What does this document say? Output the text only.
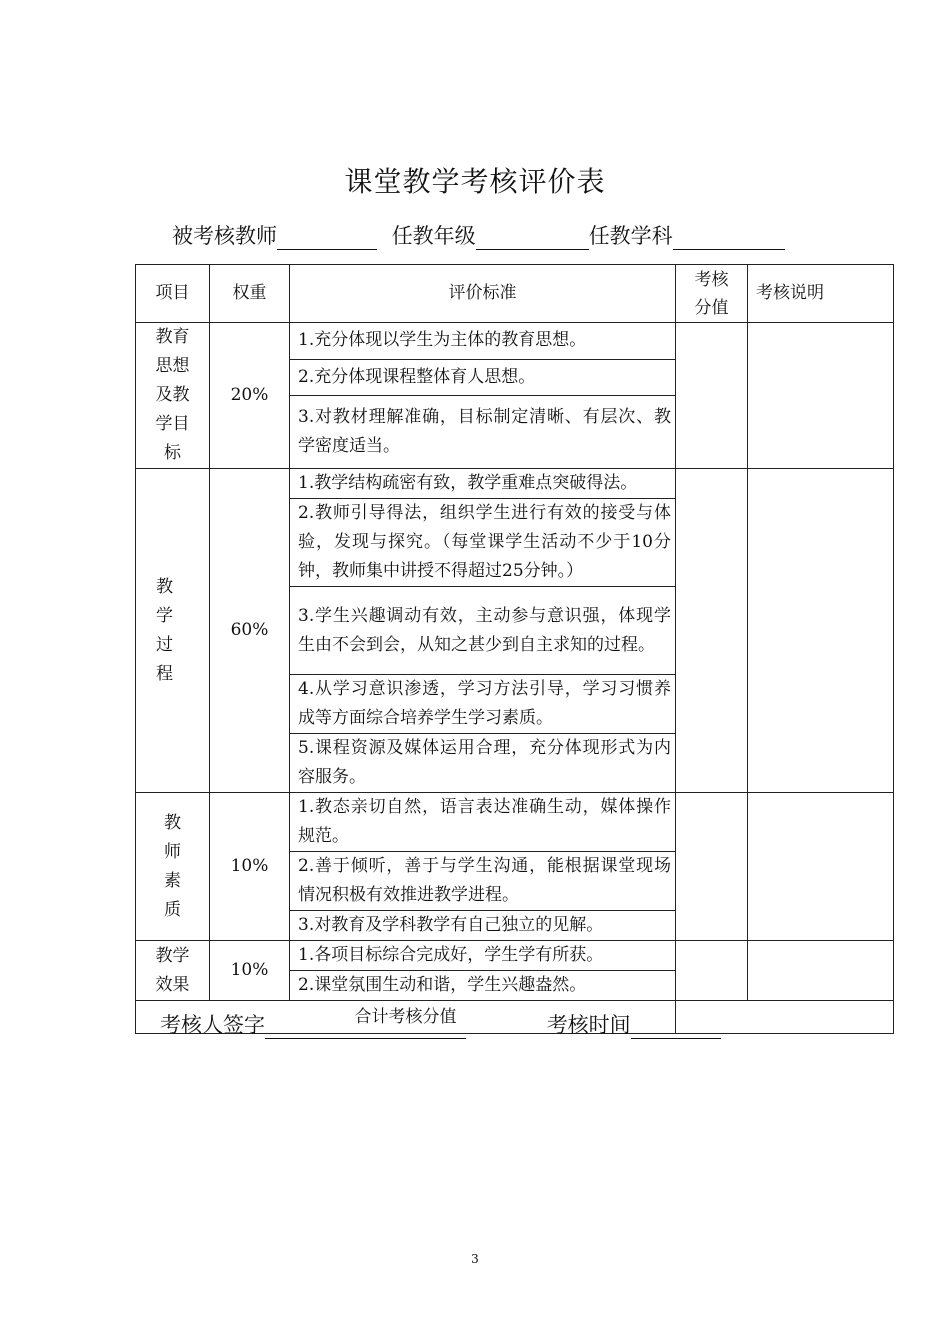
课堂教学考核评价表
被考核教师	任教年级	任教学科
项目	权重	评价标准	考核分值	考核说明
教育思想及教学目标	20%	1.充分体现以学生为主体的教育思想。		
		2.充分体现课程整体育人思想。		
		3.对教材理解准确，目标制定清晰、有层次、教学密度适当。		
教学过程	60%	1.教学结构疏密有致，教学重难点突破得法。		
		2.教师引导得法，组织学生进行有效的接受与体验，发现与探究。（每堂课学生活动不少于10分钟，教师集中讲授不得超过25分钟。）		
		3.学生兴趣调动有效，主动参与意识强，体现学生由不会到会，从知之甚少到自主求知的过程。		
		4.从学习意识渗透，学习方法引导，学习习惯养成等方面综合培养学生学习素质。		
		5.课程资源及媒体运用合理，充分体现形式为内容服务。		
教师素质	10%	1.教态亲切自然，语言表达准确生动，媒体操作规范。		
		2.善于倾听，善于与学生沟通，能根据课堂现场情况积极有效推进教学进程。		
		3.对教育及学科教学有自己独立的见解。		
教学效果	10%	1.各项目标综合完成好，学生学有所获。		
		2.课堂氛围生动和谐，学生兴趣盎然。		
合计考核分值				
考核人签字	考核时间
3
